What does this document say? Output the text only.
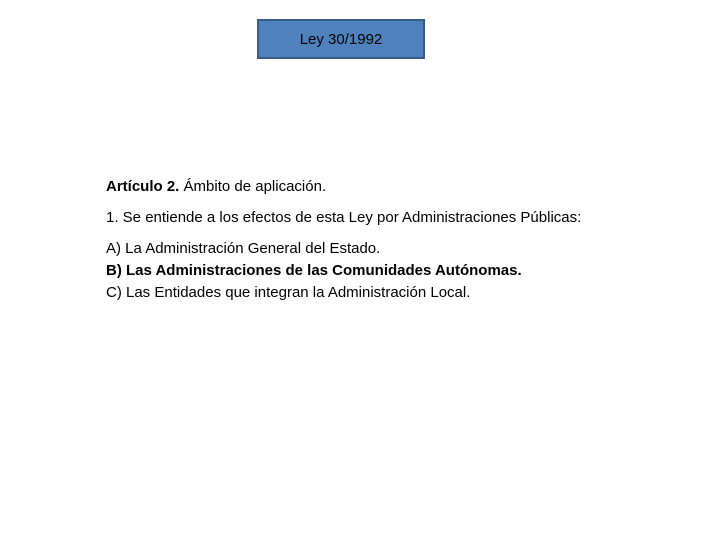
Ley 30/1992
Artículo 2. Ámbito de aplicación.
1. Se entiende a los efectos de esta Ley por Administraciones Públicas:
A) La Administración General del Estado.
B) Las Administraciones de las Comunidades Autónomas.
C) Las Entidades que integran la Administración Local.
